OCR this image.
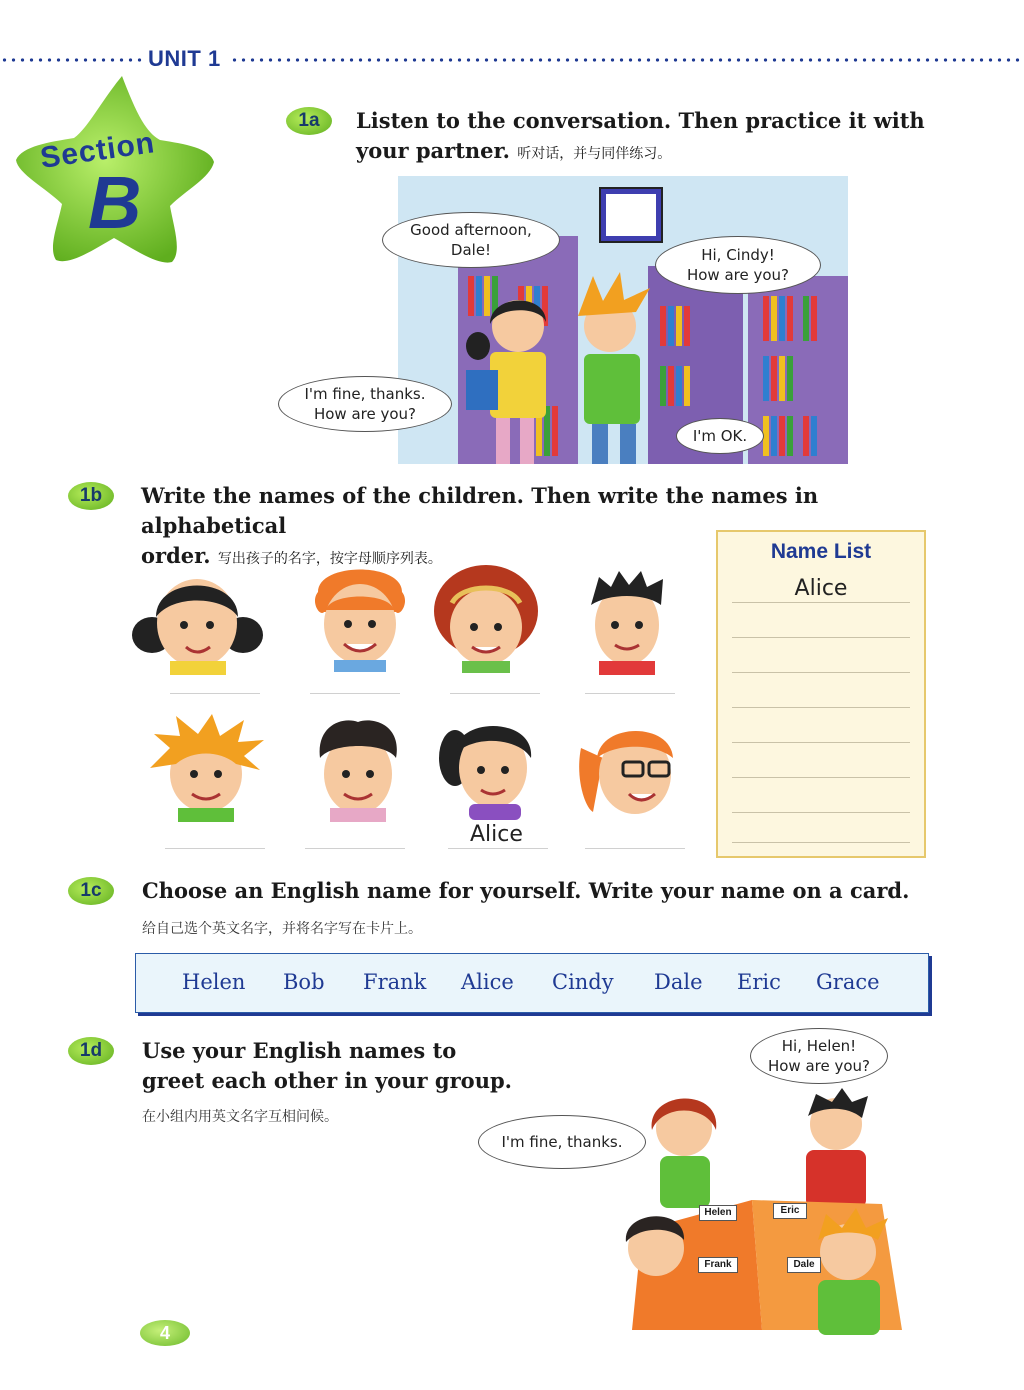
UNIT 1
Section
B
1a	Listen to the conversation. Then practice it with
your partner. 听对话，并与同伴练习。
Good afternoon,
Dale!	Hi, Cindy!
How are you?
I'm fine, thanks.
How are you?
I'm OK.
1b	Write the names of the children. Then write the names in alphabetical
order. 写出孩子的名字，按字母顺序列表。
Alice
Name List
Alice
1c	Choose an English name for yourself. Write your name on a card.
给自己选个英文名字，并将名字写在卡片上。
Helen Bob Frank Alice Cindy Dale Eric Grace
1d	Use your English names to
greet each other in your group.
在小组内用英文名字互相问候。
Helen	Eric
Frank	Dale
Hi, Helen!
How are you?
I'm fine, thanks.
4
